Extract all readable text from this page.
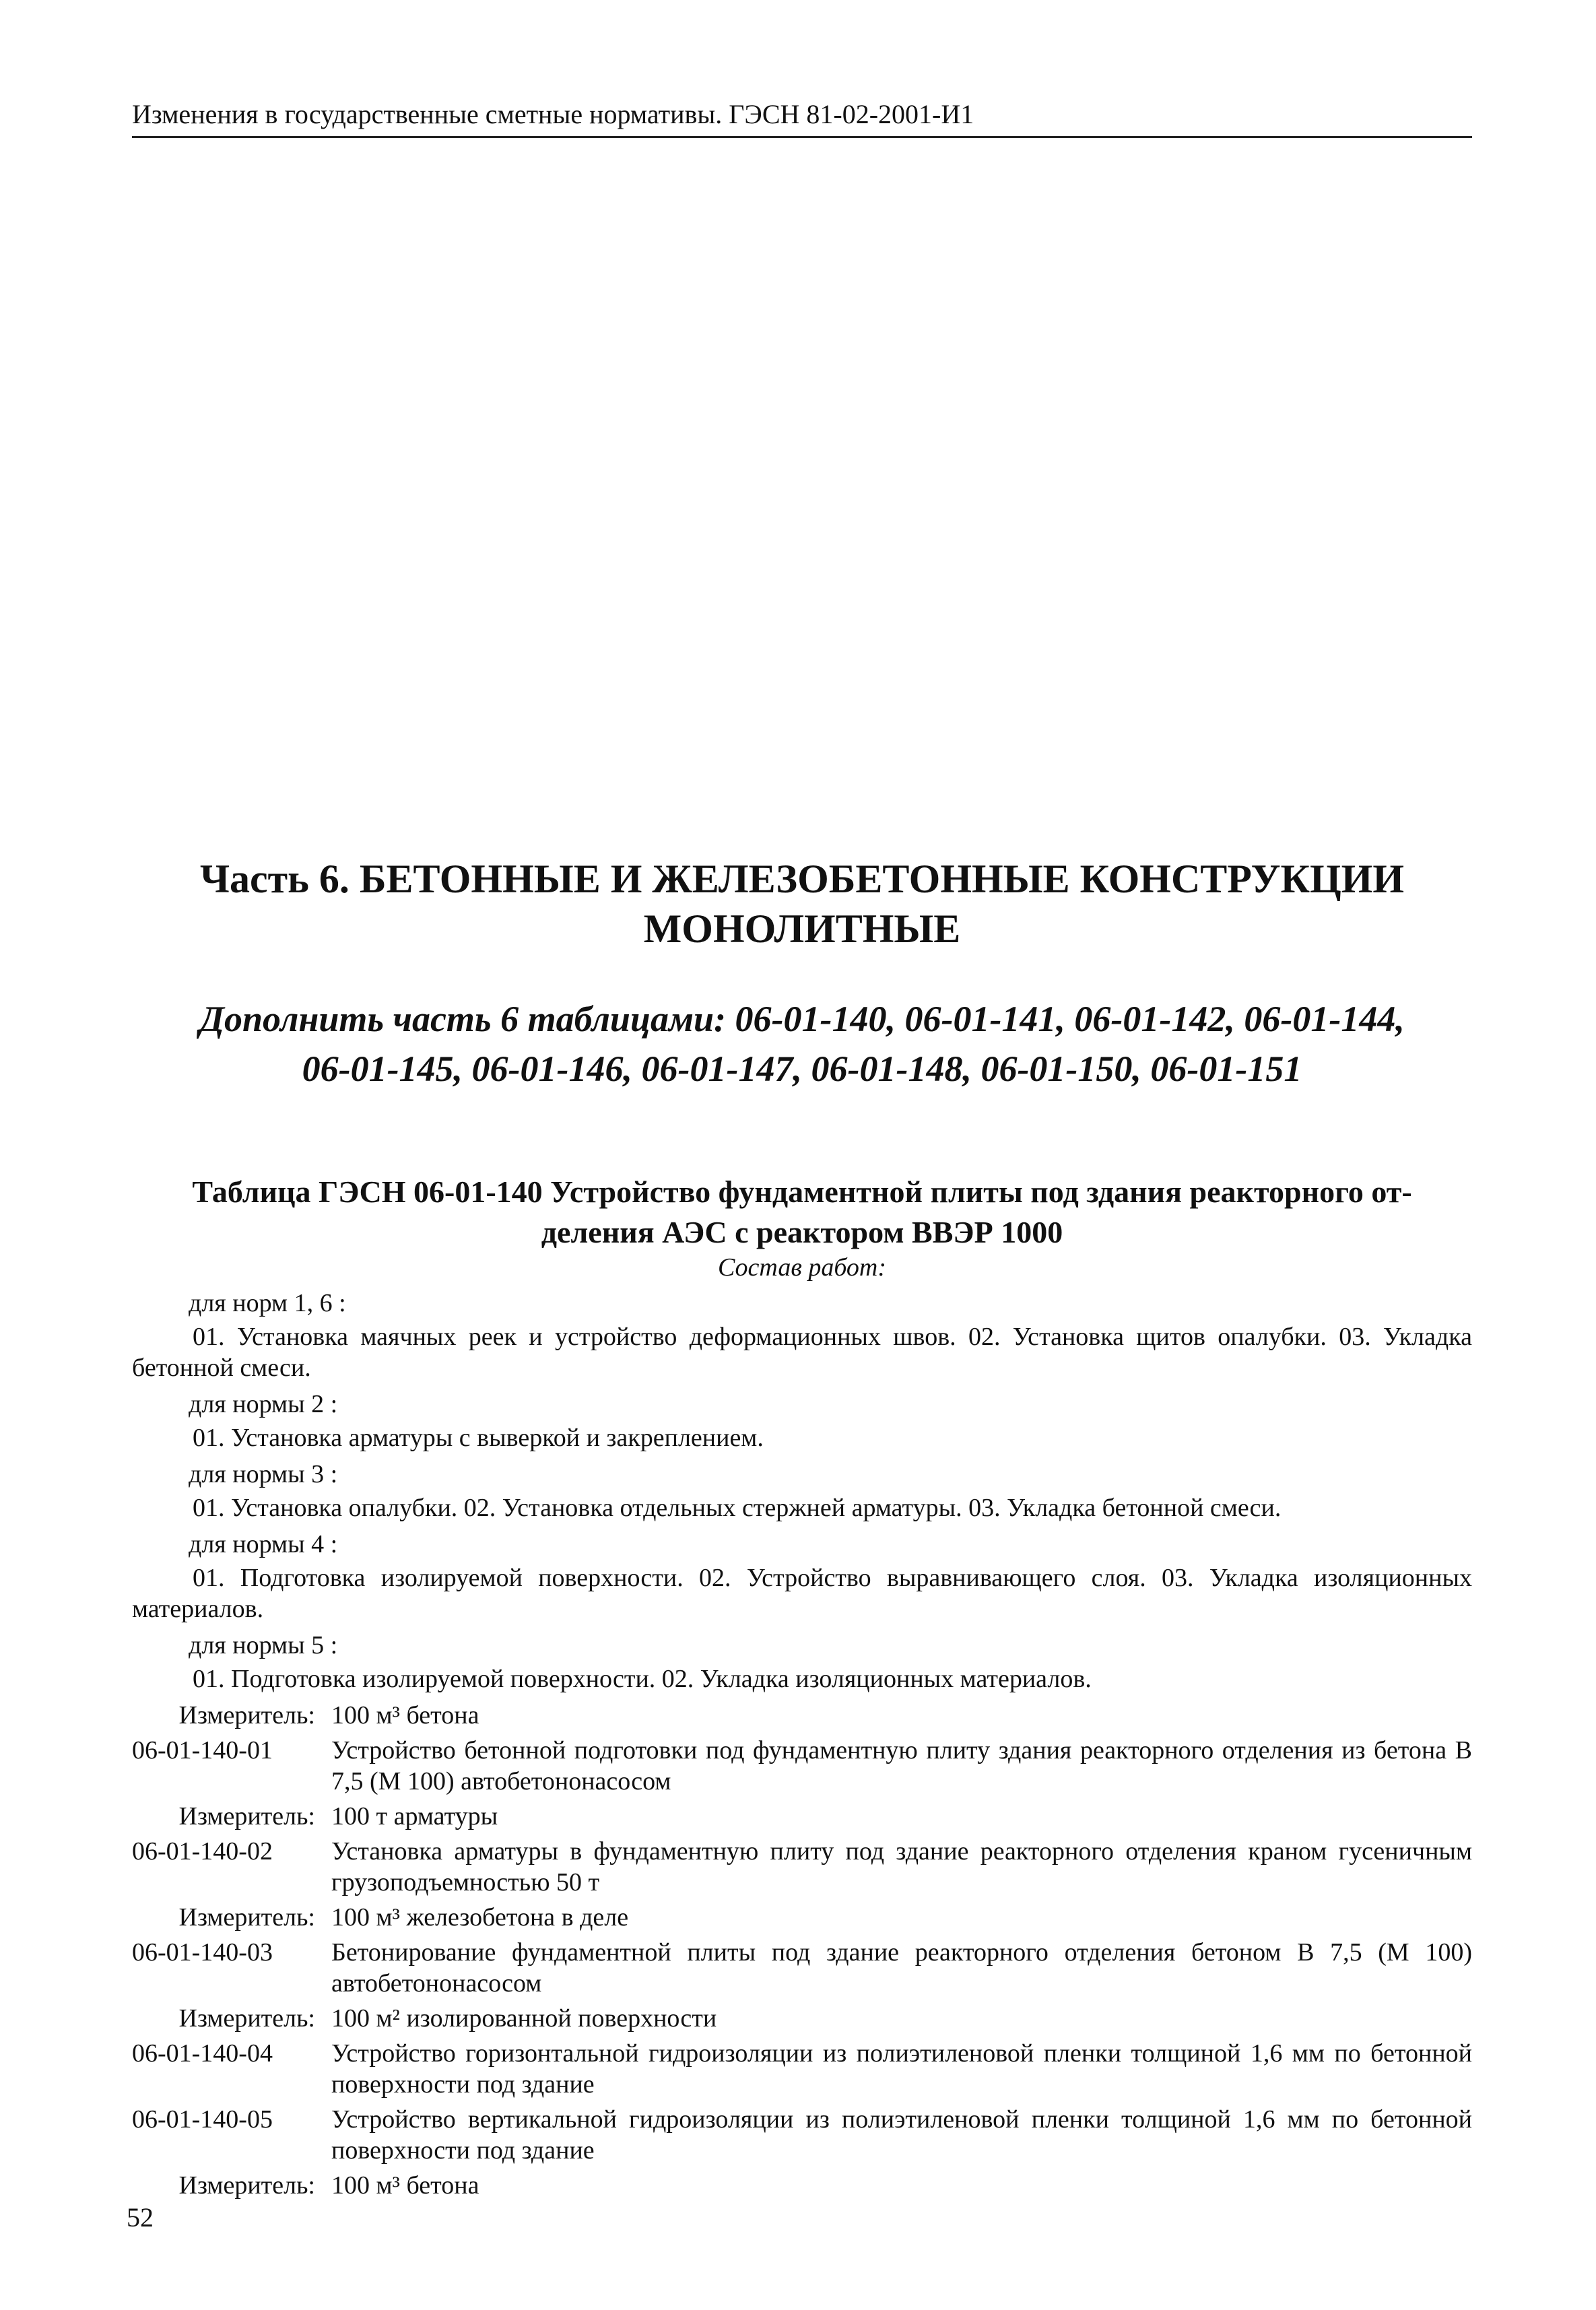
Изменения в государственные сметные нормативы. ГЭСН 81-02-2001-И1
Часть 6. БЕТОННЫЕ И ЖЕЛЕЗОБЕТОННЫЕ КОНСТРУКЦИИ
МОНОЛИТНЫЕ
Дополнить часть 6 таблицами: 06-01-140, 06-01-141, 06-01-142, 06-01-144,
06-01-145, 06-01-146, 06-01-147, 06-01-148, 06-01-150, 06-01-151
Таблица ГЭСН 06-01-140 Устройство фундаментной плиты под здания реакторного от-
деления АЭС с реактором ВВЭР 1000
Состав работ:
для норм 1, 6 :
01. Установка маячных реек и устройство деформационных швов. 02. Установка щитов опалубки. 03. Укладка бетонной смеси.
для нормы 2 :
01. Установка арматуры с выверкой и закреплением.
для нормы 3 :
01. Установка опалубки. 02. Установка отдельных стержней арматуры. 03. Укладка бетонной смеси.
для нормы 4 :
01. Подготовка изолируемой поверхности. 02. Устройство выравнивающего слоя. 03. Укладка изоляционных материалов.
для нормы 5 :
01. Подготовка изолируемой поверхности. 02. Укладка изоляционных материалов.
Измеритель: 100 м³ бетона
06-01-140-01	Устройство бетонной подготовки под фундаментную плиту здания реакторного отделения из бетона В 7,5 (М 100) автобетононасосом
Измеритель: 100 т арматуры
06-01-140-02	Установка арматуры в фундаментную плиту под здание реакторного отделения краном гусеничным грузоподъемностью 50 т
Измеритель: 100 м³ железобетона в деле
06-01-140-03	Бетонирование фундаментной плиты под здание реакторного отделения бетоном В 7,5 (М 100) автобетононасосом
Измеритель: 100 м² изолированной поверхности
06-01-140-04	Устройство горизонтальной гидроизоляции из полиэтиленовой пленки толщиной 1,6 мм по бетонной поверхности под здание
06-01-140-05	Устройство вертикальной гидроизоляции из полиэтиленовой пленки толщиной 1,6 мм по бетонной поверхности под здание
Измеритель: 100 м³ бетона
52
